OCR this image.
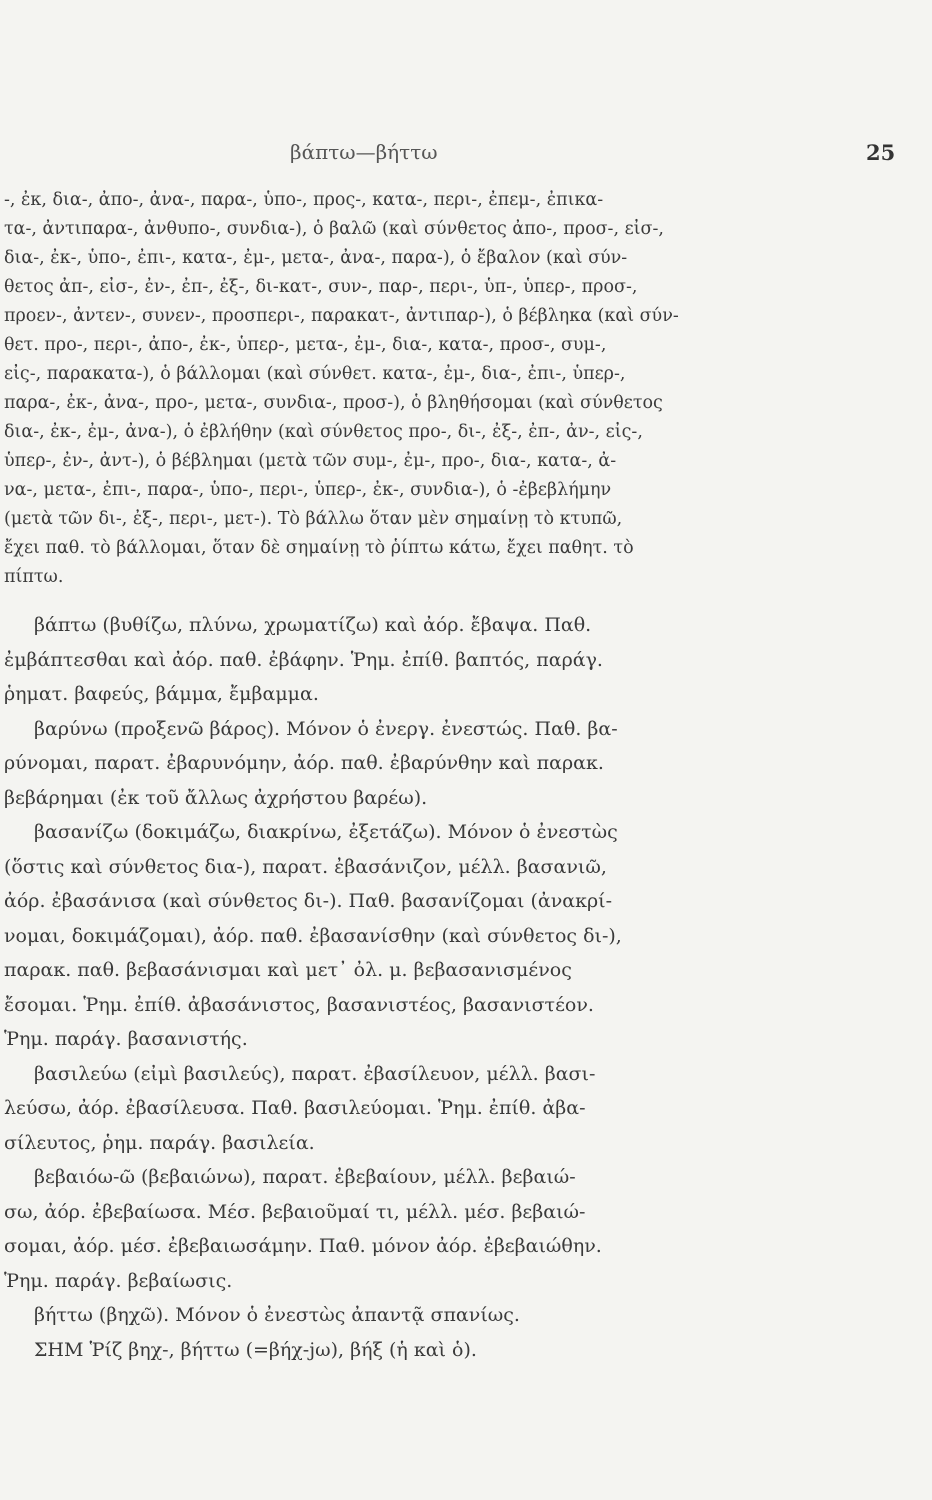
βάπτω—βήττω	25
-, ἐκ, δια-, ἀπο-, ἀνα-, παρα-, ὑπο-, προς-, κατα-, περι-, ἐπεμ-, ἐπικα-
τα-, ἀντιπαρα-, ἀνθυπο-, συνδια-), ὁ βαλῶ (καὶ σύνθετος ἀπο-, προσ-, εἰσ-,
δια-, ἐκ-, ὑπο-, ἐπι-, κατα-, ἐμ-, μετα-, ἀνα-, παρα-), ὁ ἔβαλον (καὶ σύν-
θετος ἀπ-, εἰσ-, ἐν-, ἐπ-, ἐξ-, δι-κατ-, συν-, παρ-, περι-, ὑπ-, ὑπερ-, προσ-,
προεν-, ἀντεν-, συνεν-, προσπερι-, παρακατ-, ἀντιπαρ-), ὁ βέβληκα (καὶ σύν-
θετ. προ-, περι-, ἀπο-, ἐκ-, ὑπερ-, μετα-, ἐμ-, δια-, κατα-, προσ-, συμ-,
εἰς-, παρακατα-), ὁ βάλλομαι (καὶ σύνθετ. κατα-, ἐμ-, δια-, ἐπι-, ὑπερ-,
παρα-, ἐκ-, ἀνα-, προ-, μετα-, συνδια-, προσ-), ὁ βληθήσομαι (καὶ σύνθετος
δια-, ἐκ-, ἐμ-, ἀνα-), ὁ ἐβλήθην (καὶ σύνθετος προ-, δι-, ἐξ-, ἐπ-, ἀν-, εἰς-,
ὑπερ-, ἐν-, ἀντ-), ὁ βέβλημαι (μετὰ τῶν συμ-, ἐμ-, προ-, δια-, κατα-, ἀ-
να-, μετα-, ἐπι-, παρα-, ὑπο-, περι-, ὑπερ-, ἐκ-, συνδια-), ὁ -ἐβεβλήμην
(μετὰ τῶν δι-, ἐξ-, περι-, μετ-). Τὸ βάλλω ὅταν μὲν σημαίνῃ τὸ κτυπῶ,
ἔχει παθ. τὸ βάλλομαι, ὅταν δὲ σημαίνῃ τὸ ῥίπτω κάτω, ἔχει παθητ. τὸ
πίπτω.
βάπτω (βυθίζω, πλύνω, χρωματίζω) καὶ ἀόρ. ἔβαψα. Παθ.
ἐμβάπτεσθαι καὶ ἀόρ. παθ. ἐβάφην. Ῥημ. ἐπίθ. βαπτός, παράγ.
ῥηματ. βαφεύς, βάμμα, ἔμβαμμα.
βαρύνω (προξενῶ βάρος). Μόνον ὁ ἐνεργ. ἐνεστώς. Παθ. βα-
ρύνομαι, παρατ. ἐβαρυνόμην, ἀόρ. παθ. ἐβαρύνθην καὶ παρακ.
βεβάρημαι (ἐκ τοῦ ἄλλως ἀχρήστου βαρέω).
βασανίζω (δοκιμάζω, διακρίνω, ἐξετάζω). Μόνον ὁ ἐνεστὼς
(ὅστις καὶ σύνθετος δια-), παρατ. ἐβασάνιζον, μέλλ. βασανιῶ,
ἀόρ. ἐβασάνισα (καὶ σύνθετος δι-). Παθ. βασανίζομαι (ἀνακρί-
νομαι, δοκιμάζομαι), ἀόρ. παθ. ἐβασανίσθην (καὶ σύνθετος δι-),
παρακ. παθ. βεβασάνισμαι καὶ μετ᾽ ὀλ. μ. βεβασανισμένος
ἔσομαι. Ῥημ. ἐπίθ. ἀβασάνιστος, βασανιστέος, βασανιστέον.
Ῥημ. παράγ. βασανιστής.
βασιλεύω (εἰμὶ βασιλεύς), παρατ. ἐβασίλευον, μέλλ. βασι-
λεύσω, ἀόρ. ἐβασίλευσα. Παθ. βασιλεύομαι. Ῥημ. ἐπίθ. ἀβα-
σίλευτος, ῥημ. παράγ. βασιλεία.
βεβαιόω-ῶ (βεβαιώνω), παρατ. ἐβεβαίουν, μέλλ. βεβαιώ-
σω, ἀόρ. ἐβεβαίωσα. Μέσ. βεβαιοῦμαί τι, μέλλ. μέσ. βεβαιώ-
σομαι, ἀόρ. μέσ. ἐβεβαιωσάμην. Παθ. μόνον ἀόρ. ἐβεβαιώθην.
Ῥημ. παράγ. βεβαίωσις.
βήττω (βηχῶ). Μόνον ὁ ἐνεστὼς ἀπαντᾷ σπανίως.
ΣΗΜ Ῥίζ βηχ-, βήττω (=βήχ-jω), βήξ (ἡ καὶ ὁ).
